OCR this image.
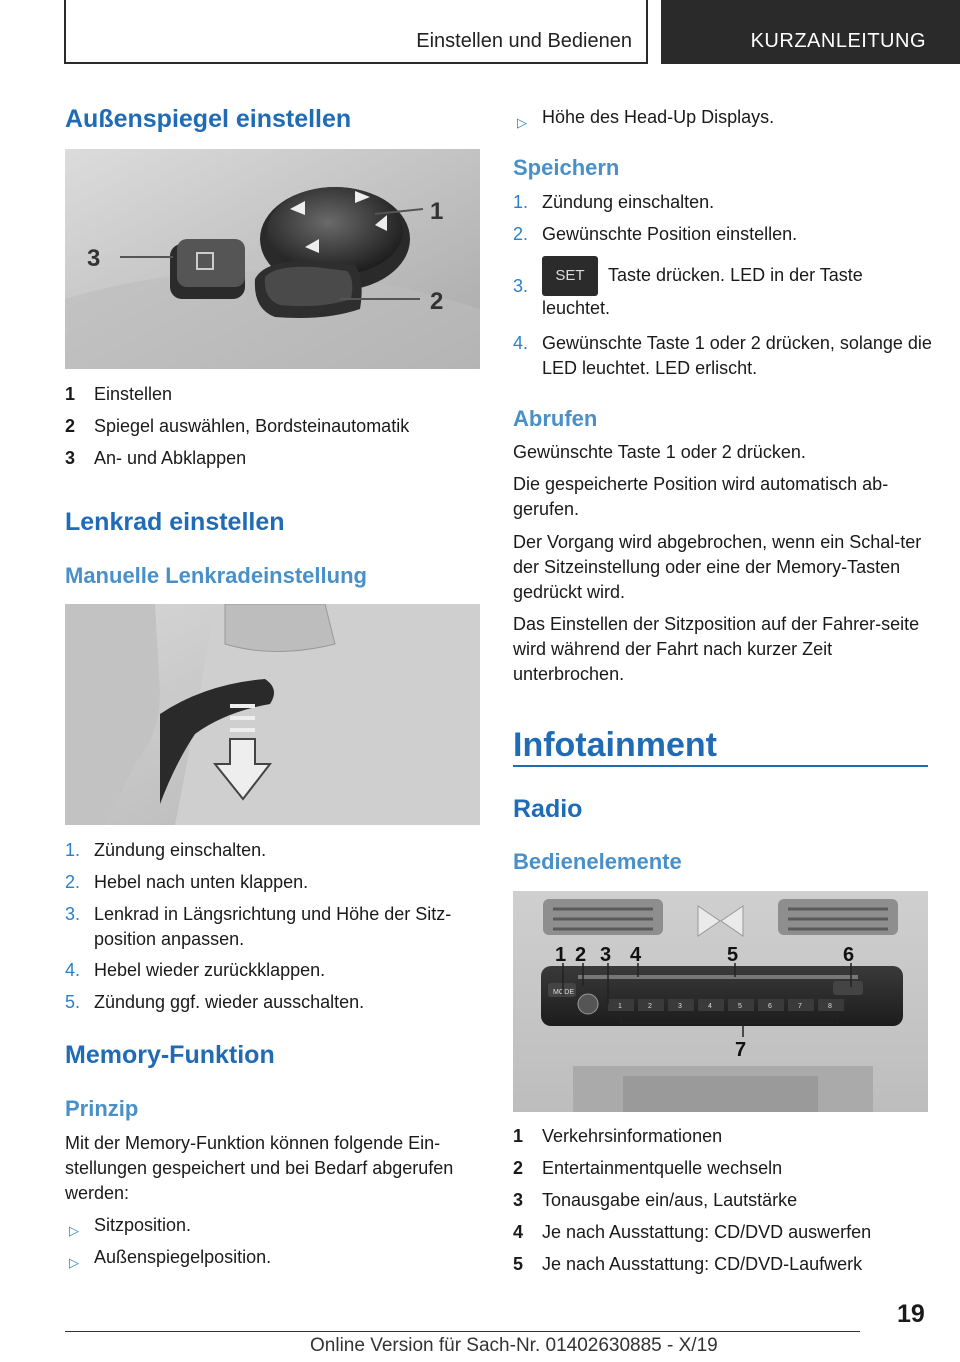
Einstellen und Bedienen	KURZANLEITUNG
Außenspiegel einstellen
3
1
2
1 Einstellen
2 Spiegel auswählen, Bordsteinautomatik
3 An- und Abklappen
Lenkrad einstellen
Manuelle Lenkradeinstellung
1. Zündung einschalten.
2. Hebel nach unten klappen.
3. Lenkrad in Längsrichtung und Höhe der Sitz-position anpassen.
4. Hebel wieder zurückklappen.
5. Zündung ggf. wieder ausschalten.
Memory-Funktion
Prinzip
Mit der Memory-Funktion können folgende Ein-stellungen gespeichert und bei Bedarf abgerufen werden:
▷ Sitzposition.
▷ Außenspiegelposition.
▷ Höhe des Head-Up Displays.
Speichern
1. Zündung einschalten.
2. Gewünschte Position einstellen.
3.
SET Taste drücken. LED in der Taste leuchtet.
4. Gewünschte Taste 1 oder 2 drücken, solange die LED leuchtet. LED erlischt.
Abrufen
Gewünschte Taste 1 oder 2 drücken.
Die gespeicherte Position wird automatisch ab-gerufen.
Der Vorgang wird abgebrochen, wenn ein Schal-ter der Sitzeinstellung oder eine der Memory-Tasten gedrückt wird.
Das Einstellen der Sitzposition auf der Fahrer-seite wird während der Fahrt nach kurzer Zeit unterbrochen.
Infotainment
Radio
Bedienelemente
MODE
1	2	3	4	5	6	7	8
1 2 3 4	5	6
7
1 Verkehrsinformationen
2 Entertainmentquelle wechseln
3 Tonausgabe ein/aus, Lautstärke
4 Je nach Ausstattung: CD/DVD auswerfen
5 Je nach Ausstattung: CD/DVD-Laufwerk
19
Online Version für Sach-Nr. 01402630885 - X/19
